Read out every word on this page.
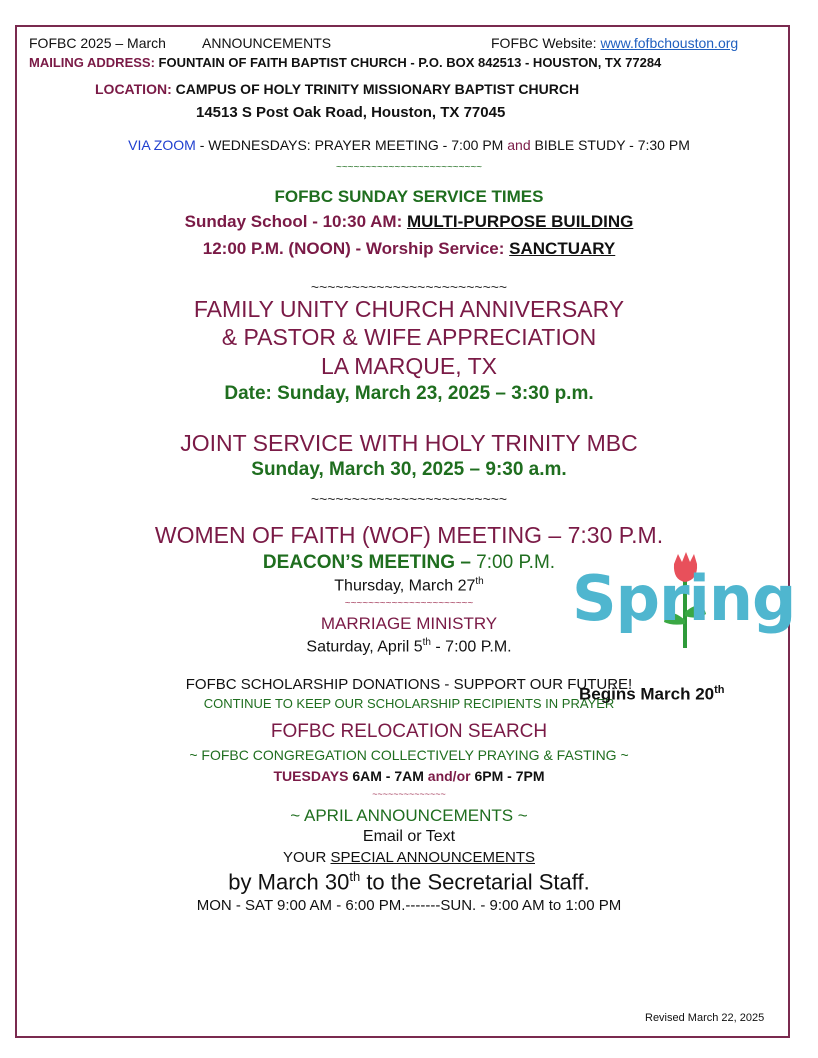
FOFBC 2025 – March	ANNOUNCEMENTS	FOFBC Website: www.fofbchouston.org
MAILING ADDRESS: FOUNTAIN OF FAITH BAPTIST CHURCH - P.O. BOX 842513 - HOUSTON, TX 77284
LOCATION: CAMPUS OF HOLY TRINITY MISSIONARY BAPTIST CHURCH
14513 S Post Oak Road, Houston, TX 77045
VIA ZOOM - WEDNESDAYS: PRAYER MEETING - 7:00 PM and BIBLE STUDY - 7:30 PM
~~~~~~~~~~~~~~~~~~~~~~~~~
FOFBC SUNDAY SERVICE TIMES
Sunday School - 10:30 AM: MULTI-PURPOSE BUILDING
12:00 P.M. (NOON) - Worship Service: SANCTUARY
~~~~~~~~~~~~~~~~~~~~~~~~
FAMILY UNITY CHURCH ANNIVERSARY
& PASTOR & WIFE APPRECIATION
LA MARQUE, TX
Date: Sunday, March 23, 2025 – 3:30 p.m.
JOINT SERVICE WITH HOLY TRINITY MBC
Sunday, March 30, 2025 – 9:30 a.m.
~~~~~~~~~~~~~~~~~~~~~~~~
WOMEN OF FAITH (WOF) MEETING – 7:30 P.M.
DEACON’S MEETING – 7:00 P.M.
Thursday, March 27th
~~~~~~~~~~~~~~~~~~~~~~
MARRIAGE MINISTRY
Saturday, April 5th - 7:00 P.M.
Spring
FOFBC SCHOLARSHIP DONATIONS - SUPPORT OUR FUTURE!
CONTINUE TO KEEP OUR SCHOLARSHIP RECIPIENTS IN PRAYER
Begins March 20th
FOFBC RELOCATION SEARCH
~ FOFBC CONGREGATION COLLECTIVELY PRAYING & FASTING ~
TUESDAYS 6AM - 7AM and/or 6PM - 7PM
~~~~~~~~~~~~~~
~ APRIL ANNOUNCEMENTS ~
Email or Text
YOUR SPECIAL ANNOUNCEMENTS
by March 30th to the Secretarial Staff.
MON - SAT 9:00 AM - 6:00 PM.-------SUN. - 9:00 AM to 1:00 PM
Revised March 22, 2025
